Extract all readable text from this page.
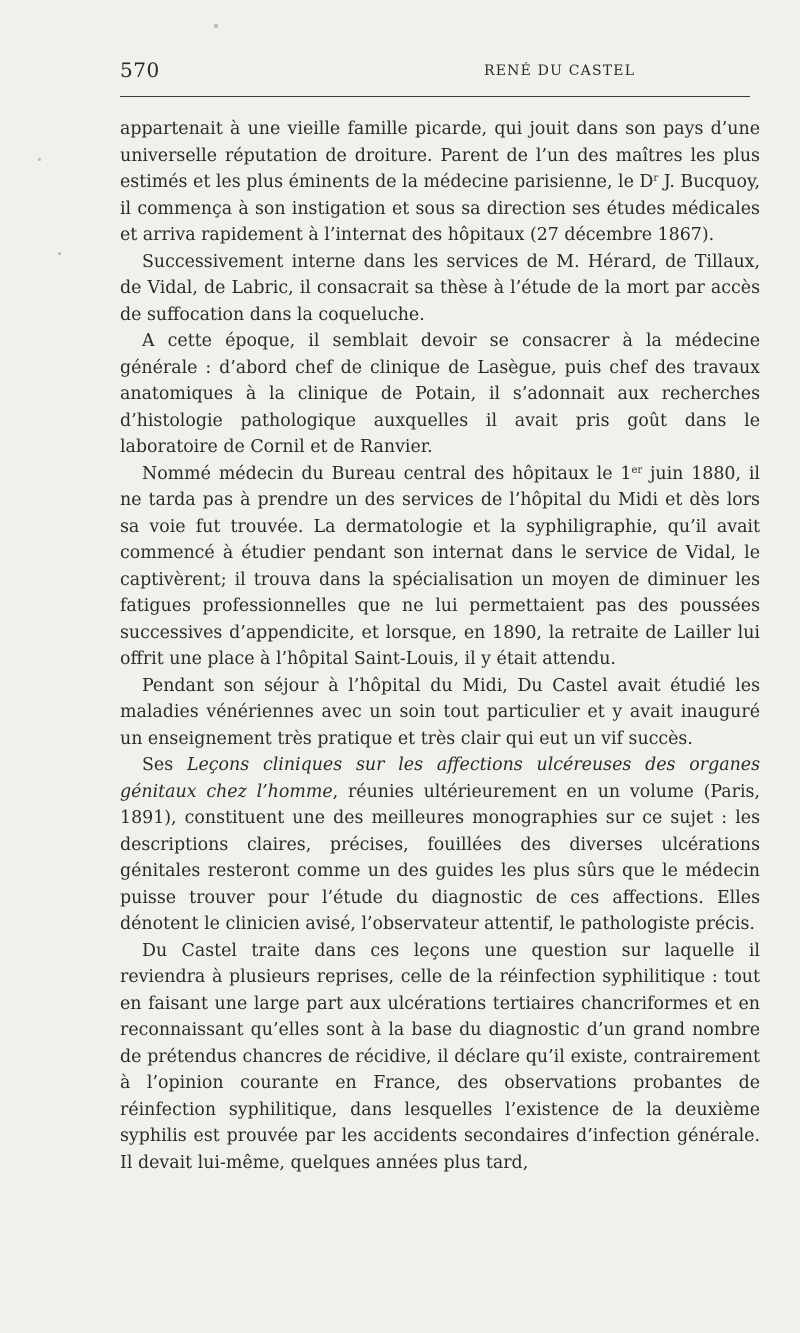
570	RENÉ DU CASTEL

appartenait à une vieille famille picarde, qui jouit dans son pays d’une universelle réputation de droiture. Parent de l’un des maîtres les plus estimés et les plus éminents de la médecine parisienne, le $D^r$ J. Bucquoy, il commença à son instigation et sous sa direction ses études médicales et arriva rapidement à l’internat des hôpitaux (27 décembre 1867).

Successivement interne dans les services de M. Hérard, de Tillaux, de Vidal, de Labric, il consacrait sa thèse à l’étude de la mort par accès de suffocation dans la coqueluche.

A cette époque, il semblait devoir se consacrer à la médecine générale : d’abord chef de clinique de Lasègue, puis chef des travaux anatomiques à la clinique de Potain, il s’adonnait aux recherches d’histologie pathologique auxquelles il avait pris goût dans le laboratoire de Cornil et de Ranvier.

Nommé médecin du Bureau central des hôpitaux le 1er juin 1880, il ne tarda pas à prendre un des services de l’hôpital du Midi et dès lors sa voie fut trouvée. La dermatologie et la syphiligraphie, qu’il avait commencé à étudier pendant son internat dans le service de Vidal, le captivèrent; il trouva dans la spécialisation un moyen de diminuer les fatigues professionnelles que ne lui permettaient pas des poussées successives d’appendicite, et lorsque, en 1890, la retraite de Lailler lui offrit une place à l’hôpital Saint-Louis, il y était attendu.

Pendant son séjour à l’hôpital du Midi, Du Castel avait étudié les maladies vénériennes avec un soin tout particulier et y avait inauguré un enseignement très pratique et très clair qui eut un vif succès.

Ses Leçons cliniques sur les affections ulcéreuses des organes génitaux chez l’homme, réunies ultérieurement en un volume (Paris, 1891), constituent une des meilleures monographies sur ce sujet : les descriptions claires, précises, fouillées des diverses ulcérations génitales resteront comme un des guides les plus sûrs que le médecin puisse trouver pour l’étude du diagnostic de ces affections. Elles dénotent le clinicien avisé, l’observateur attentif, le pathologiste précis.

Du Castel traite dans ces leçons une question sur laquelle il reviendra à plusieurs reprises, celle de la réinfection syphilitique : tout en faisant une large part aux ulcérations tertiaires chancriformes et en reconnaissant qu’elles sont à la base du diagnostic d’un grand nombre de prétendus chancres de récidive, il déclare qu’il existe, contrairement à l’opinion courante en France, des observations probantes de réinfection syphilitique, dans lesquelles l’existence de la deuxième syphilis est prouvée par les accidents secondaires d’infection générale. Il devait lui-même, quelques années plus tard,
